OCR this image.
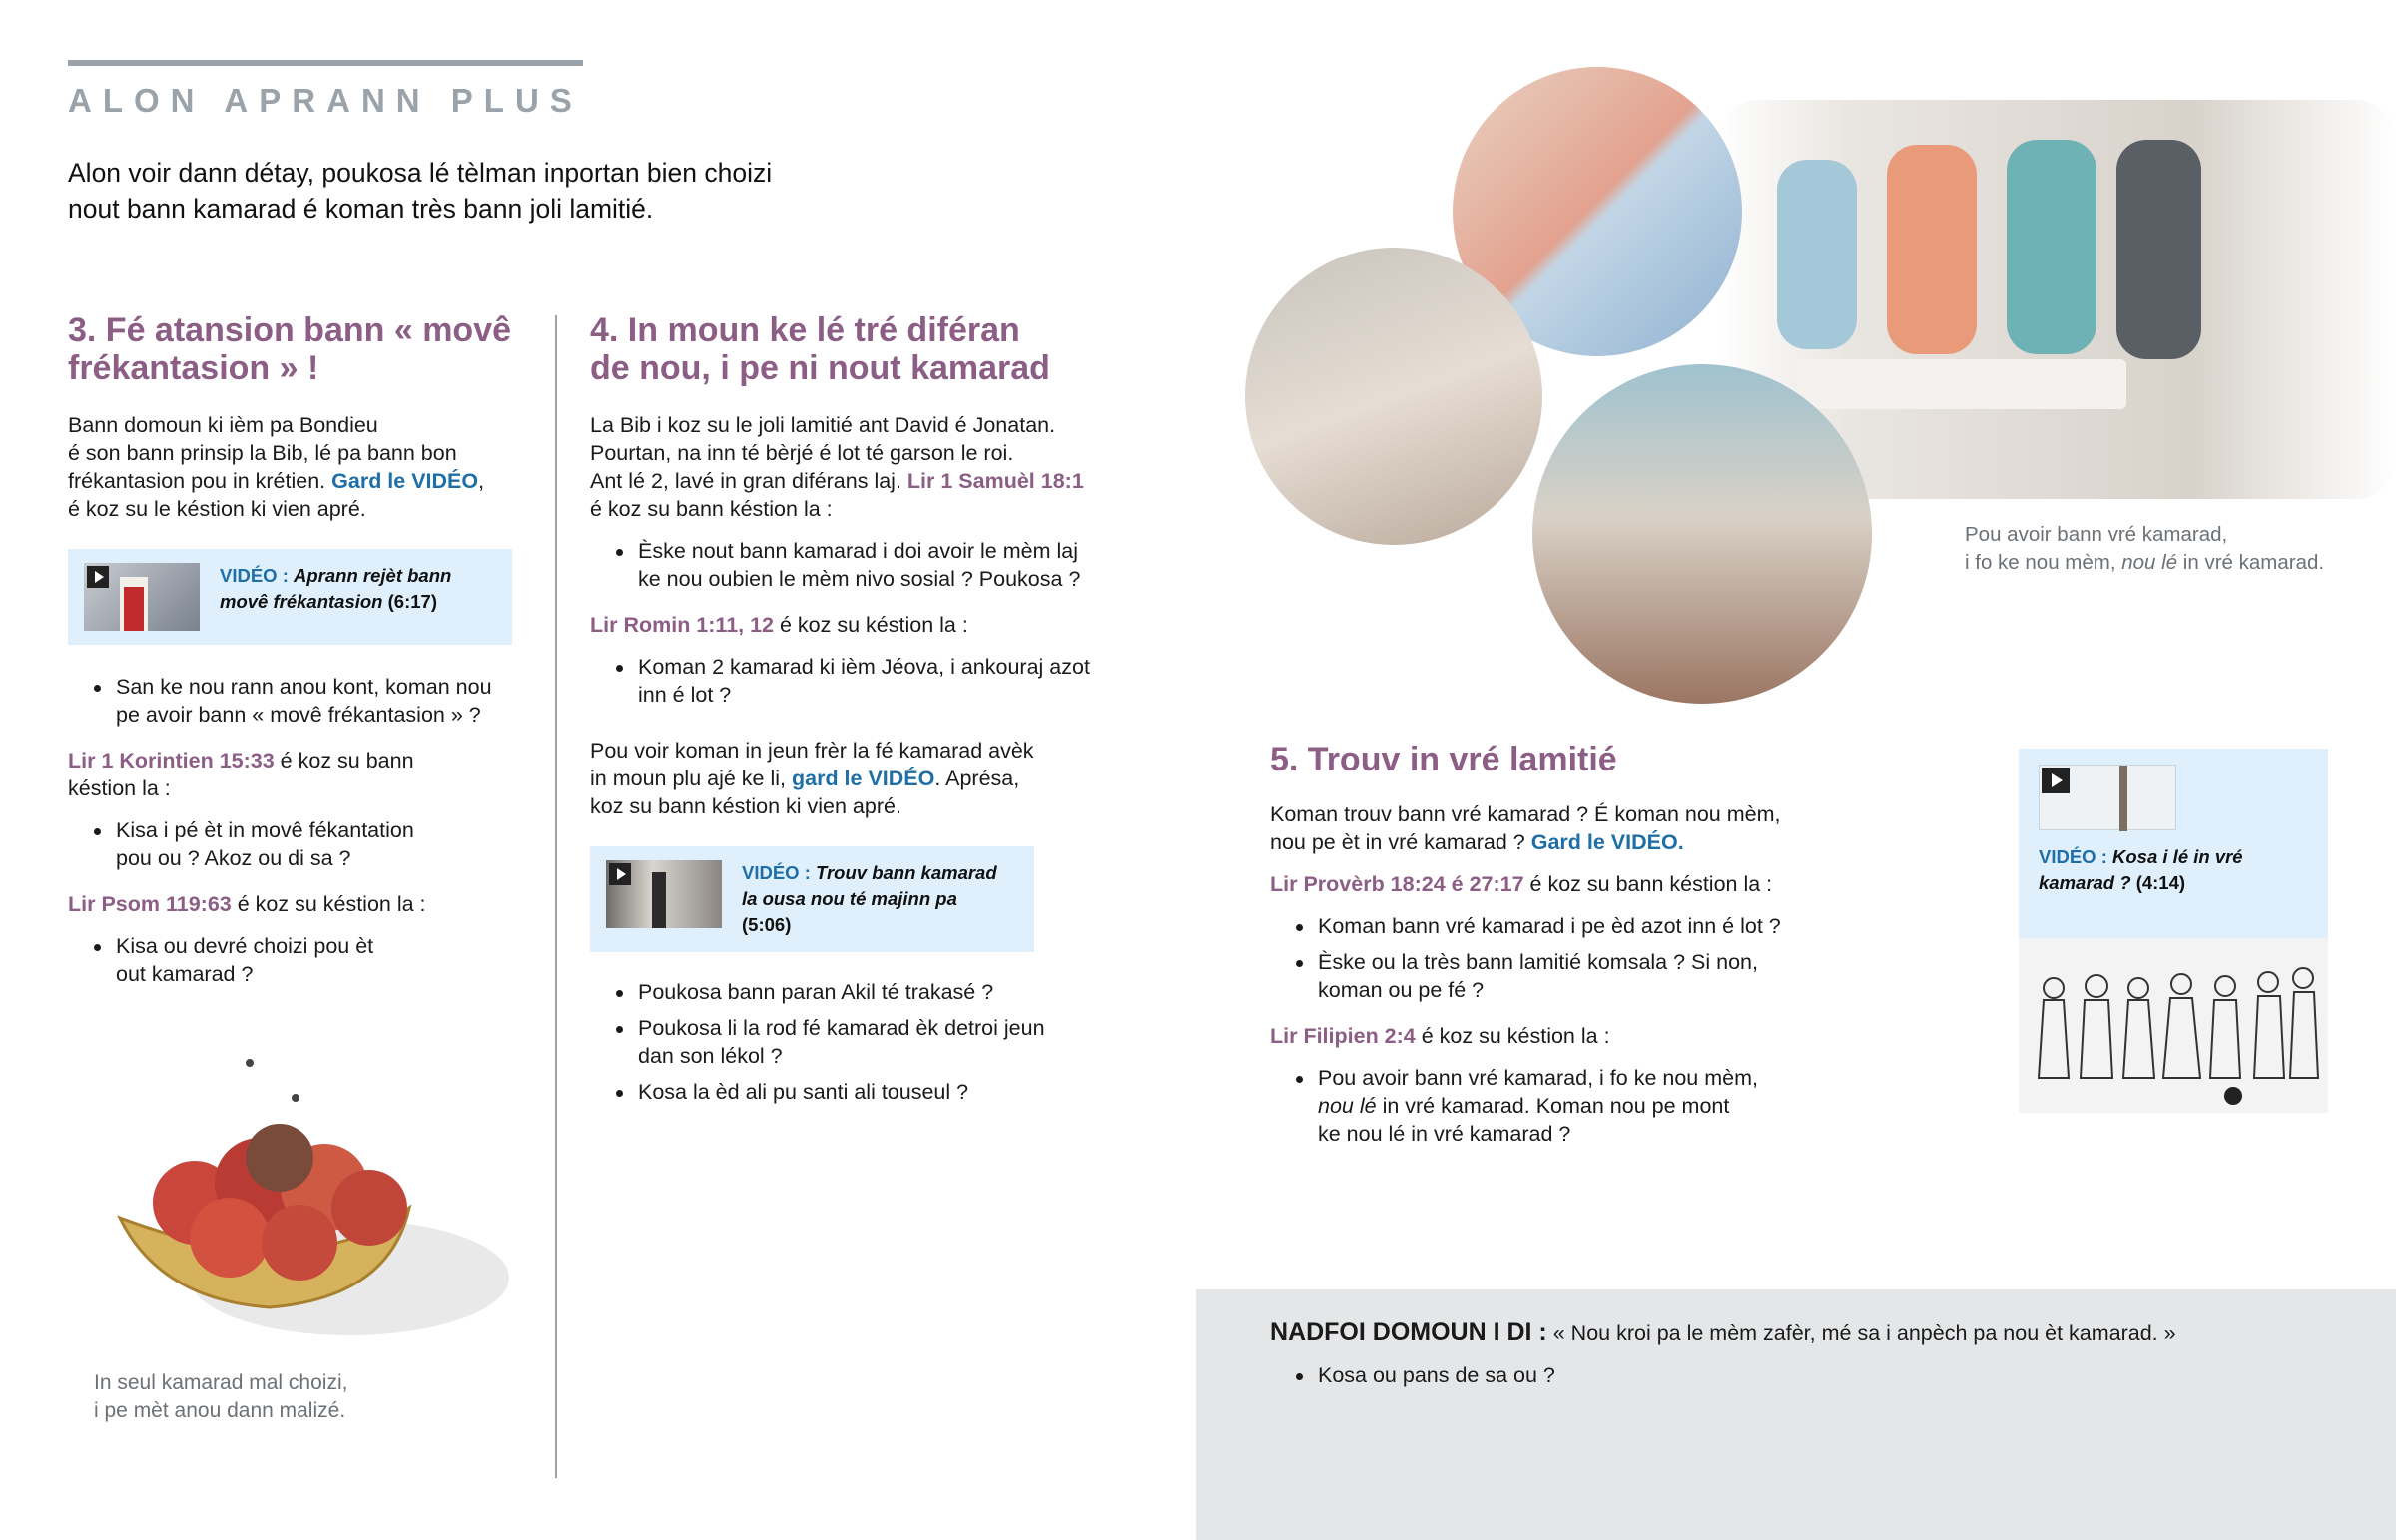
ALON APRANN PLUS
Alon voir dann détay, poukosa lé tèlman inportan bien choizi
nout bann kamarad é koman très bann joli lamitié.
3. Fé atansion bann « movê
frékantasion » !
Bann domoun ki ièm pa Bondieu
é son bann prinsip la Bib, lé pa bann bon
frékantasion pou in krétien. Gard le VIDÉO,
é koz su le késtion ki vien apré.
VIDÉO : Aprann rejèt bann
movê frékantasion (6:17)
San ke nou rann anou kont, koman nou
pe avoir bann « movê frékantasion » ?
Lir 1 Korintien 15:33 é koz su bann
késtion la :
Kisa i pé èt in movê fékantation
pou ou ? Akoz ou di sa ?
Lir Psom 119:63 é koz su késtion la :
Kisa ou devré choizi pou èt
out kamarad ?
In seul kamarad mal choizi,
i pe mèt anou dann malizé.
4. In moun ke lé tré diféran
de nou, i pe ni nout kamarad
La Bib i koz su le joli lamitié ant David é Jonatan.
Pourtan, na inn té bèrjé é lot té garson le roi.
Ant lé 2, lavé in gran diférans laj. Lir 1 Samuèl 18:1
é koz su bann késtion la :
Èske nout bann kamarad i doi avoir le mèm laj
ke nou oubien le mèm nivo sosial ? Poukosa ?
Lir Romin 1:11, 12 é koz su késtion la :
Koman 2 kamarad ki ièm Jéova, i ankouraj azot
inn é lot ?
Pou voir koman in jeun frèr la fé kamarad avèk
in moun plu ajé ke li, gard le VIDÉO. Aprésa,
koz su bann késtion ki vien apré.
VIDÉO : Trouv bann kamarad
la ousa nou té majinn pa
(5:06)
Poukosa bann paran Akil té trakasé ?
Poukosa li la rod fé kamarad èk detroi jeun
dan son lékol ?
Kosa la èd ali pu santi ali touseul ?
Pou avoir bann vré kamarad,
i fo ke nou mèm, nou lé in vré kamarad.
5. Trouv in vré lamitié
Koman trouv bann vré kamarad ? É koman nou mèm,
nou pe èt in vré kamarad ? Gard le VIDÉO.
Lir Provèrb 18:24 é 27:17 é koz su bann késtion la :
Koman bann vré kamarad i pe èd azot inn é lot ?
Èske ou la très bann lamitié komsala ? Si non,
koman ou pe fé ?
Lir Filipien 2:4 é koz su késtion la :
Pou avoir bann vré kamarad, i fo ke nou mèm,
nou lé in vré kamarad. Koman nou pe mont
ke nou lé in vré kamarad ?
VIDÉO : Kosa i lé in vré
kamarad ? (4:14)
NADFOI DOMOUN I DI : « Nou kroi pa le mèm zafèr, mé sa i anpèch pa nou èt kamarad. »
Kosa ou pans de sa ou ?
